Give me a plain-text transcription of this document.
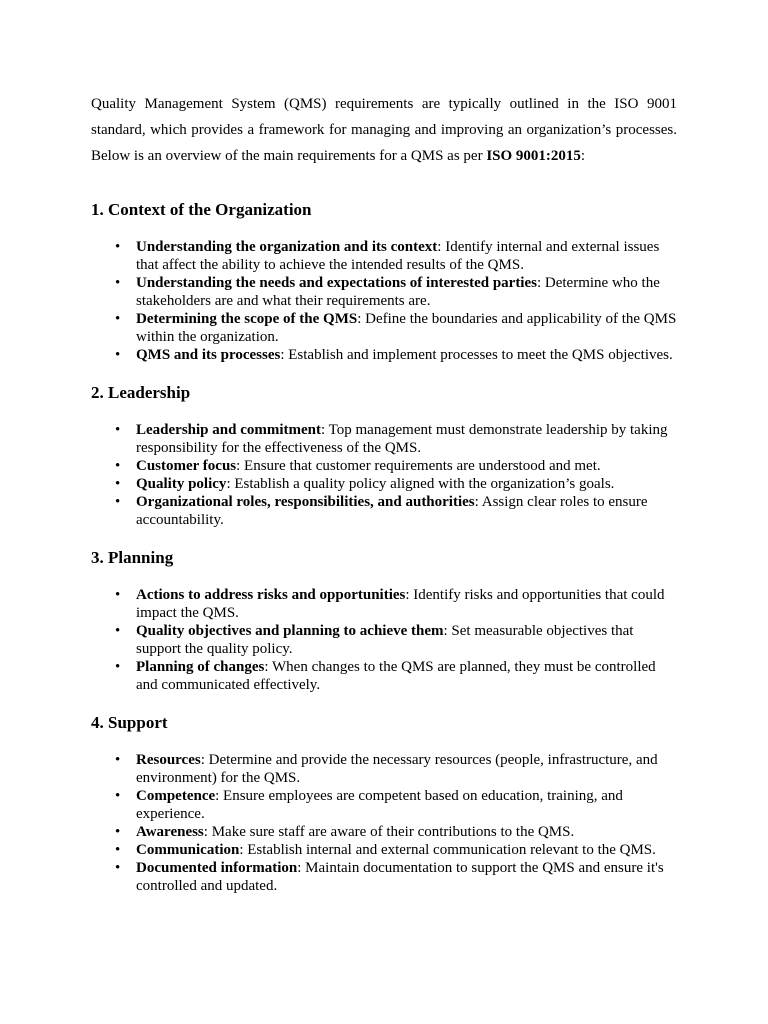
Quality Management System (QMS) requirements are typically outlined in the ISO 9001 standard, which provides a framework for managing and improving an organization’s processes. Below is an overview of the main requirements for a QMS as per ISO 9001:2015:

1. Context of the Organization
• Understanding the organization and its context: Identify internal and external issues that affect the ability to achieve the intended results of the QMS.
• Understanding the needs and expectations of interested parties: Determine who the stakeholders are and what their requirements are.
• Determining the scope of the QMS: Define the boundaries and applicability of the QMS within the organization.
• QMS and its processes: Establish and implement processes to meet the QMS objectives.
2. Leadership
• Leadership and commitment: Top management must demonstrate leadership by taking responsibility for the effectiveness of the QMS.
• Customer focus: Ensure that customer requirements are understood and met.
• Quality policy: Establish a quality policy aligned with the organization’s goals.
• Organizational roles, responsibilities, and authorities: Assign clear roles to ensure accountability.
3. Planning
• Actions to address risks and opportunities: Identify risks and opportunities that could impact the QMS.
• Quality objectives and planning to achieve them: Set measurable objectives that support the quality policy.
• Planning of changes: When changes to the QMS are planned, they must be controlled and communicated effectively.
4. Support
• Resources: Determine and provide the necessary resources (people, infrastructure, and environment) for the QMS.
• Competence: Ensure employees are competent based on education, training, and experience.
• Awareness: Make sure staff are aware of their contributions to the QMS.
• Communication: Establish internal and external communication relevant to the QMS.
• Documented information: Maintain documentation to support the QMS and ensure it's controlled and updated.
